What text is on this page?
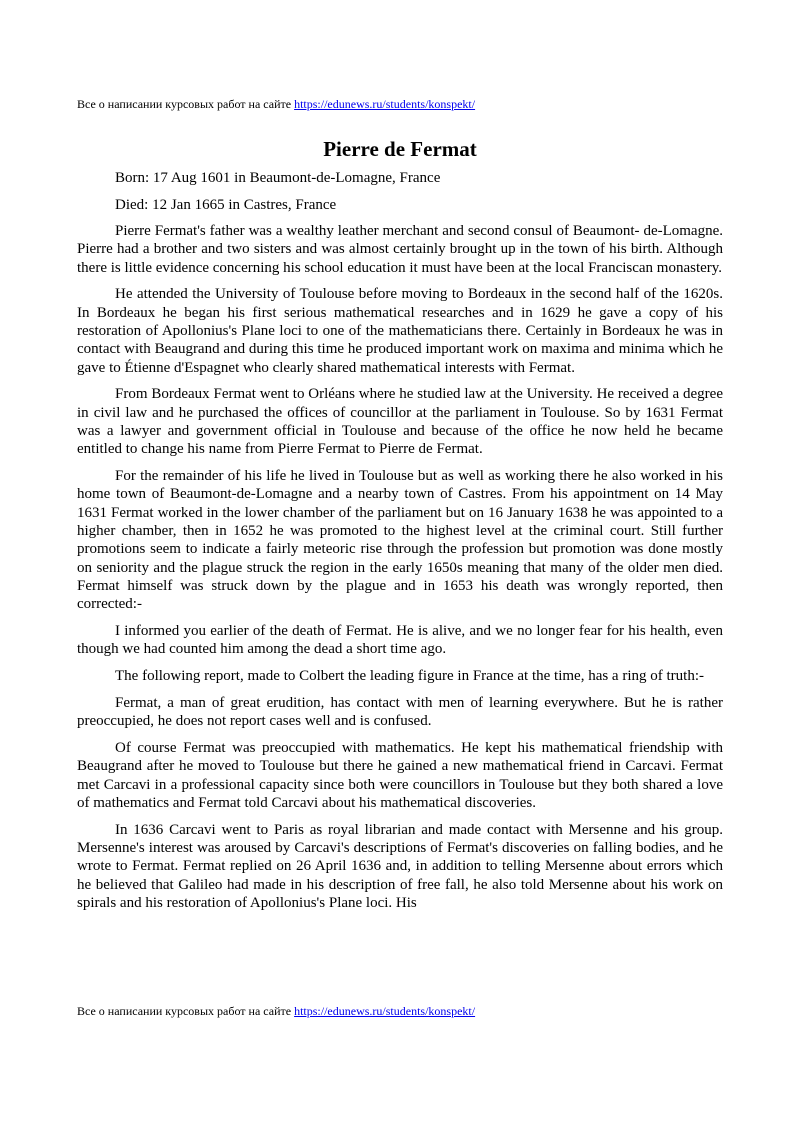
Все о написании курсовых работ на сайте https://edunews.ru/students/konspekt/
Pierre de Fermat
Born: 17 Aug 1601 in Beaumont-de-Lomagne, France
Died: 12 Jan 1665 in Castres, France

Pierre Fermat's father was a wealthy leather merchant and second consul of Beaumont- de-Lomagne. Pierre had a brother and two sisters and was almost certainly brought up in the town of his birth. Although there is little evidence concerning his school education it must have been at the local Franciscan monastery.

He attended the University of Toulouse before moving to Bordeaux in the second half of the 1620s. In Bordeaux he began his first serious mathematical researches and in 1629 he gave a copy of his restoration of Apollonius's Plane loci to one of the mathematicians there. Certainly in Bordeaux he was in contact with Beaugrand and during this time he produced important work on maxima and minima which he gave to Étienne d'Espagnet who clearly shared mathematical interests with Fermat.

From Bordeaux Fermat went to Orléans where he studied law at the University. He received a degree in civil law and he purchased the offices of councillor at the parliament in Toulouse. So by 1631 Fermat was a lawyer and government official in Toulouse and because of the office he now held he became entitled to change his name from Pierre Fermat to Pierre de Fermat.

For the remainder of his life he lived in Toulouse but as well as working there he also worked in his home town of Beaumont-de-Lomagne and a nearby town of Castres. From his appointment on 14 May 1631 Fermat worked in the lower chamber of the parliament but on 16 January 1638 he was appointed to a higher chamber, then in 1652 he was promoted to the highest level at the criminal court. Still further promotions seem to indicate a fairly meteoric rise through the profession but promotion was done mostly on seniority and the plague struck the region in the early 1650s meaning that many of the older men died. Fermat himself was struck down by the plague and in 1653 his death was wrongly reported, then corrected:-

I informed you earlier of the death of Fermat. He is alive, and we no longer fear for his health, even though we had counted him among the dead a short time ago.

The following report, made to Colbert the leading figure in France at the time, has a ring of truth:-

Fermat, a man of great erudition, has contact with men of learning everywhere. But he is rather preoccupied, he does not report cases well and is confused.

Of course Fermat was preoccupied with mathematics. He kept his mathematical friendship with Beaugrand after he moved to Toulouse but there he gained a new mathematical friend in Carcavi. Fermat met Carcavi in a professional capacity since both were councillors in Toulouse but they both shared a love of mathematics and Fermat told Carcavi about his mathematical discoveries.

In 1636 Carcavi went to Paris as royal librarian and made contact with Mersenne and his group. Mersenne's interest was aroused by Carcavi's descriptions of Fermat's discoveries on falling bodies, and he wrote to Fermat. Fermat replied on 26 April 1636 and, in addition to telling Mersenne about errors which he believed that Galileo had made in his description of free fall, he also told Mersenne about his work on spirals and his restoration of Apollonius's Plane loci. His

Все о написании курсовых работ на сайте https://edunews.ru/students/konspekt/
